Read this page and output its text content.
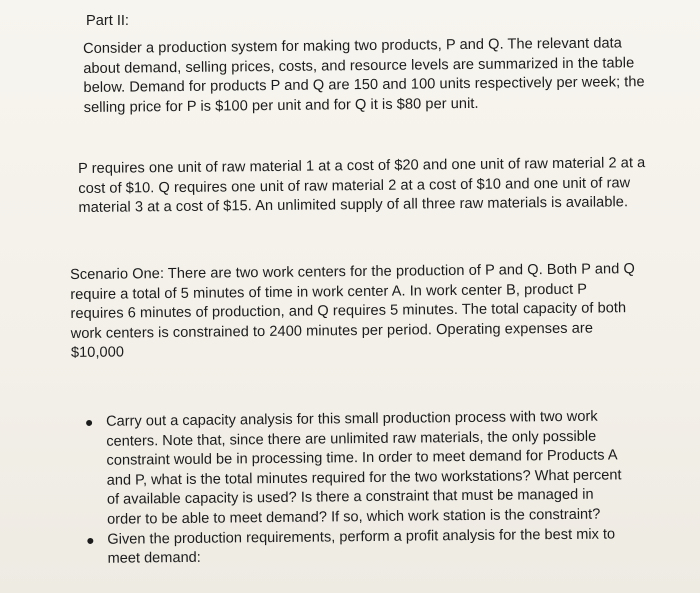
Part II:
Consider a production system for making two products, P and Q. The relevant data
about demand, selling prices, costs, and resource levels are summarized in the table
below. Demand for products P and Q are 150 and 100 units respectively per week; the
selling price for P is $100 per unit and for Q it is $80 per unit.
P requires one unit of raw material 1 at a cost of $20 and one unit of raw material 2 at a
cost of $10. Q requires one unit of raw material 2 at a cost of $10 and one unit of raw
material 3 at a cost of $15. An unlimited supply of all three raw materials is available.
Scenario One: There are two work centers for the production of P and Q. Both P and Q
require a total of 5 minutes of time in work center A. In work center B, product P
requires 6 minutes of production, and Q requires 5 minutes. The total capacity of both
work centers is constrained to 2400 minutes per period. Operating expenses are
$10,000
Carry out a capacity analysis for this small production process with two work
centers. Note that, since there are unlimited raw materials, the only possible
constraint would be in processing time. In order to meet demand for Products A
and P, what is the total minutes required for the two workstations? What percent
of available capacity is used? Is there a constraint that must be managed in
order to be able to meet demand? If so, which work station is the constraint?
Given the production requirements, perform a profit analysis for the best mix to
meet demand:
